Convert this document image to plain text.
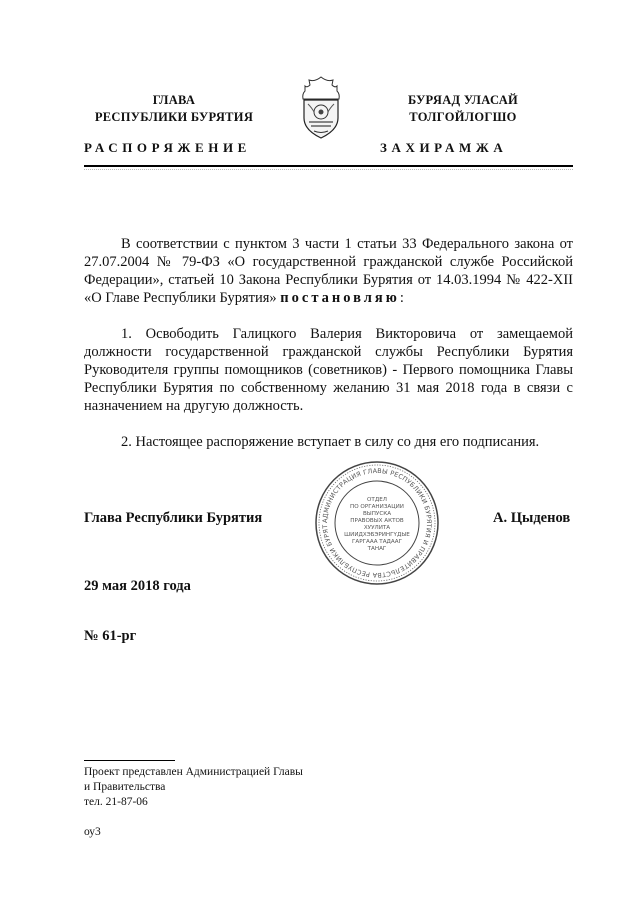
ГЛАВА
РЕСПУБЛИКИ БУРЯТИЯ
БУРЯАД УЛАСАЙ
ТОЛГОЙЛОГШО
РАСПОРЯЖЕНИЕ	ЗАХИРАМЖА

В соответствии с пунктом 3 части 1 статьи 33 Федерального закона от 27.07.2004 № 79-ФЗ «О государственной гражданской службе Российской Федерации», статьей 10 Закона Республики Бурятия от 14.03.1994 № 422-XII «О Главе Республики Бурятия» постановляю:

1. Освободить Галицкого Валерия Викторовича от замещаемой должности государственной гражданской службы Республики Бурятия Руководителя группы помощников (советников) - Первого помощника Главы Республики Бурятия по собственному желанию 31 мая 2018 года в связи с назначением на другую должность.

2. Настоящее распоряжение вступает в силу со дня его подписания.

Глава Республики Бурятия	А. Цыденов
АДМИНИСТРАЦИЯ ГЛАВЫ РЕСПУБЛИКИ БУРЯТИЯ И ПРАВИТЕЛЬСТВА РЕСПУБЛИКИ БУРЯТ
ОТДЕЛ
ПО ОРГАНИЗАЦИИ
ВЫПУСКА
ПРАВОВЫХ АКТОВ
ХУУЛИТА
ШИИДХЭБЭРИНГҮДЫЕ
ГАРГААА ТАДААГ
ТАНАГ
29 мая 2018 года
№ 61-рг
Проект представлен Администрацией Главы
и Правительства
тел. 21-87-06
оу3
